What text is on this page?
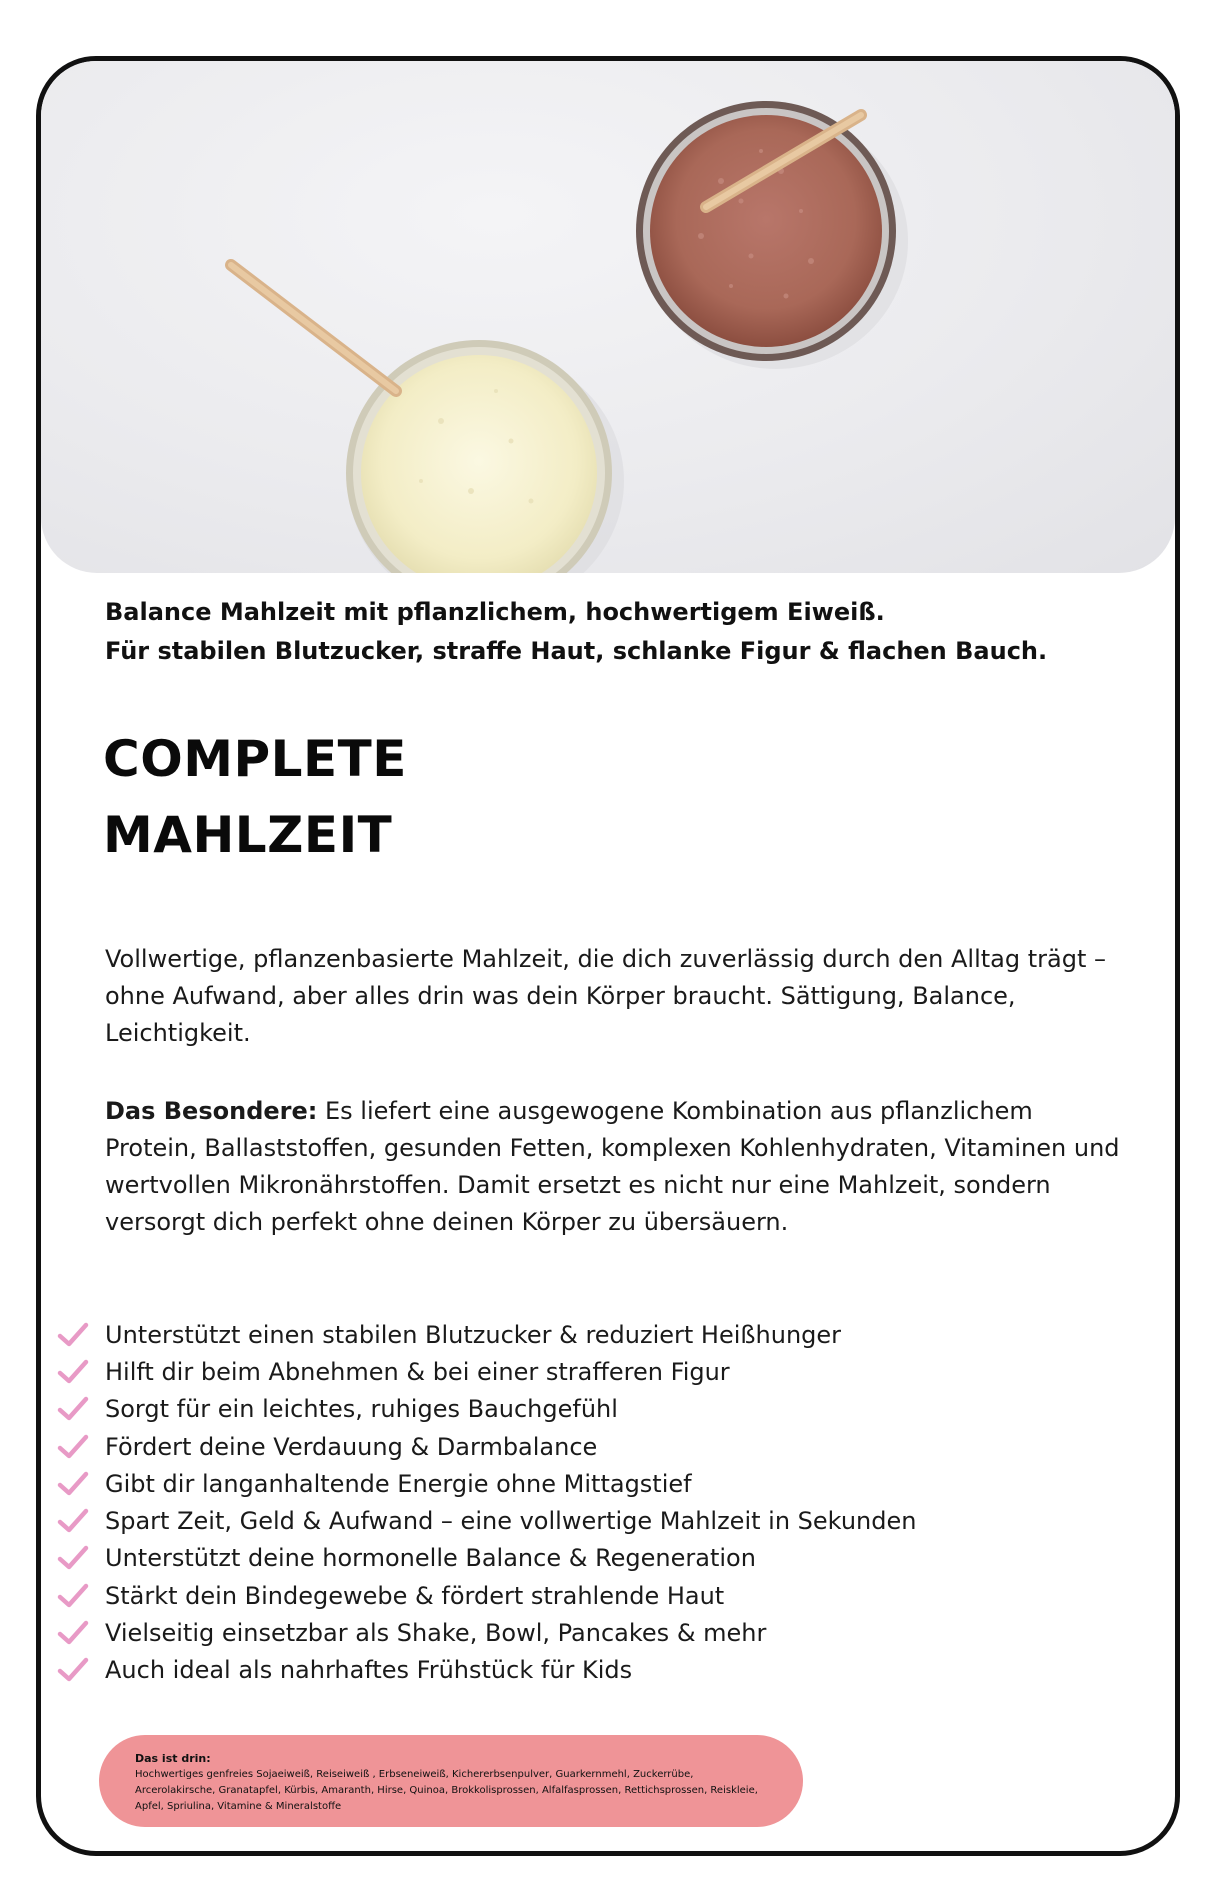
Balance Mahlzeit mit pflanzlichem, hochwertigem Eiweiß.
Für stabilen Blutzucker, straffe Haut, schlanke Figur & flachen Bauch.
COMPLETE
MAHLZEIT
Vollwertige, pflanzenbasierte Mahlzeit, die dich zuverlässig durch den Alltag trägt – ohne Aufwand, aber alles drin was dein Körper braucht. Sättigung, Balance, Leichtigkeit.
Das Besondere: Es liefert eine ausgewogene Kombination aus pflanzlichem Protein, Ballaststoffen, gesunden Fetten, komplexen Kohlenhydraten, Vitaminen und wertvollen Mikronährstoffen. Damit ersetzt es nicht nur eine Mahlzeit, sondern versorgt dich perfekt ohne deinen Körper zu übersäuern.
Unterstützt einen stabilen Blutzucker & reduziert Heißhunger
Hilft dir beim Abnehmen & bei einer strafferen Figur
Sorgt für ein leichtes, ruhiges Bauchgefühl
Fördert deine Verdauung & Darmbalance
Gibt dir langanhaltende Energie ohne Mittagstief
Spart Zeit, Geld & Aufwand – eine vollwertige Mahlzeit in Sekunden
Unterstützt deine hormonelle Balance & Regeneration
Stärkt dein Bindegewebe & fördert strahlende Haut
Vielseitig einsetzbar als Shake, Bowl, Pancakes & mehr
Auch ideal als nahrhaftes Frühstück für Kids
Das ist drin:
Hochwertiges genfreies Sojaeiweiß, Reiseiweiß , Erbseneiweiß, Kichererbsenpulver, Guarkernmehl, Zuckerrübe, Arcerolakirsche, Granatapfel, Kürbis, Amaranth, Hirse, Quinoa, Brokkolisprossen, Alfalfasprossen, Rettichsprossen, Reiskleie, Apfel, Spriulina, Vitamine & Mineralstoffe
